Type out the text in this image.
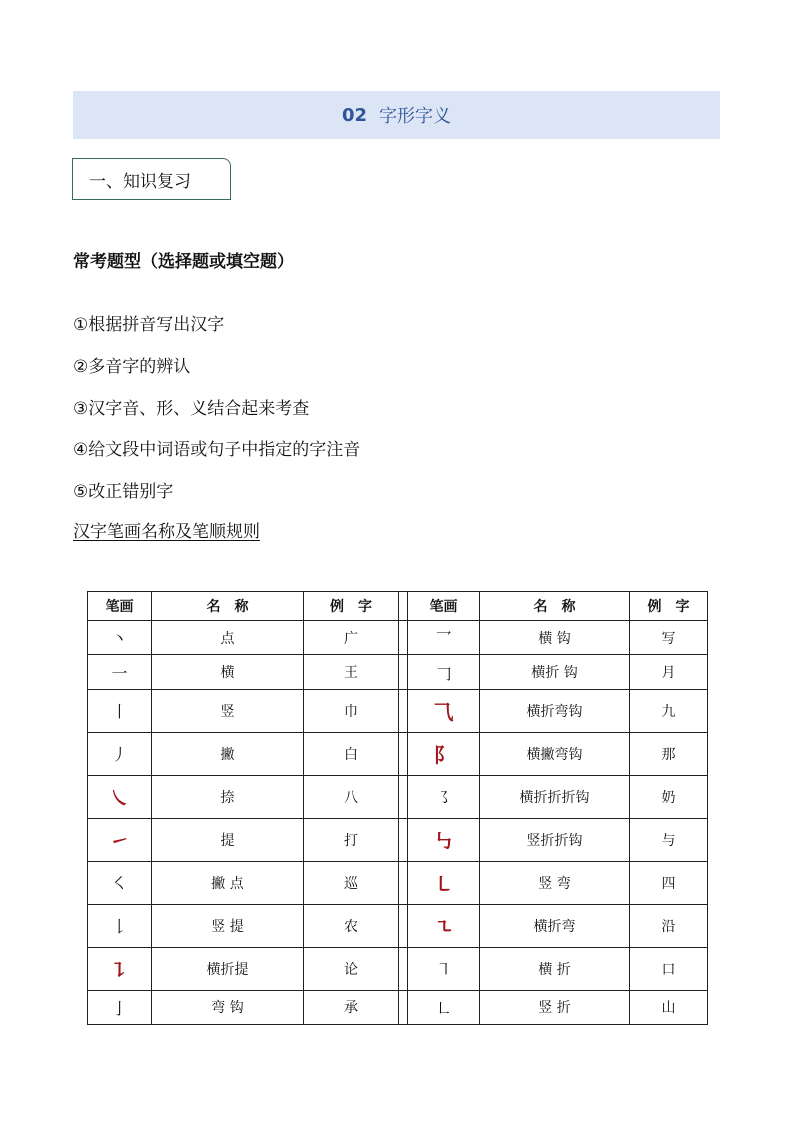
02 字形字义
一、知识复习
常考题型（选择题或填空题）
①根据拼音写出汉字
②多音字的辨认
③汉字音、形、义结合起来考查
④给文段中词语或句子中指定的字注音
⑤改正错别字
汉字笔画名称及笔顺规则
笔画	名　称	例　字		笔画	名　称	例　字
丶	点	广		乛	横 钩	写
一	横	王		𠃌	横折 钩	月
丨	竖	巾		⺄	横折弯钩	九
丿	撇	白		⻖	横撇弯钩	那
㇏	捺	八		㇌	横折折折钩	奶
㇀	提	打		㇉	竖折折钩	与
㇛	撇 点	巡		㇄	竖 弯	四
𠄌	竖 提	农		㇍	横折弯	沿
㇊	横折提	论		㇕	横 折	口
亅	弯 钩	承		㇗	竖 折	山
